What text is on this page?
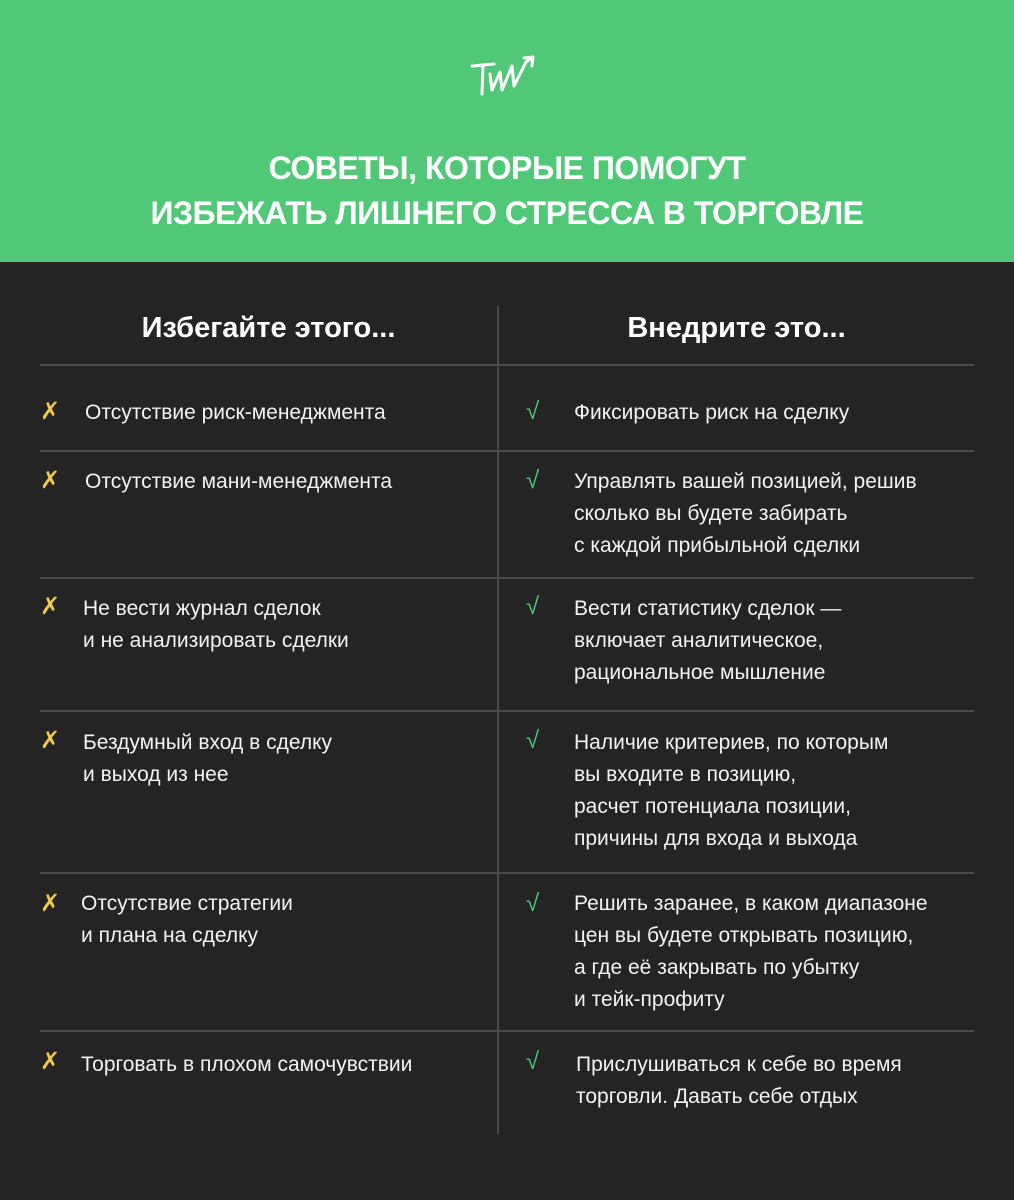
СОВЕТЫ, КОТОРЫЕ ПОМОГУТ
ИЗБЕЖАТЬ ЛИШНЕГО СТРЕССА В ТОРГОВЛЕ
Избегайте этого...	Внедрите это...
✗ Отсутствие риск-менеджмента	√ Фиксировать риск на сделку
✗ Отсутствие мани-менеджмента	√ Управлять вашей позицией, решив
сколько вы будете забирать
с каждой прибыльной сделки
✗ Не вести журнал сделок
и не анализировать сделки
√ Вести статистику сделок —
включает аналитическое,
рациональное мышление
✗ Бездумный вход в сделку
и выход из нее
√ Наличие критериев, по которым
вы входите в позицию,
расчет потенциала позиции,
причины для входа и выхода
✗ Отсутствие стратегии
и плана на сделку
√ Решить заранее, в каком диапазоне
цен вы будете открывать позицию,
а где её закрывать по убытку
и тейк-профиту
✗ Торговать в плохом самочувствии	√ Прислушиваться к себе во время
торговли. Давать себе отдых
